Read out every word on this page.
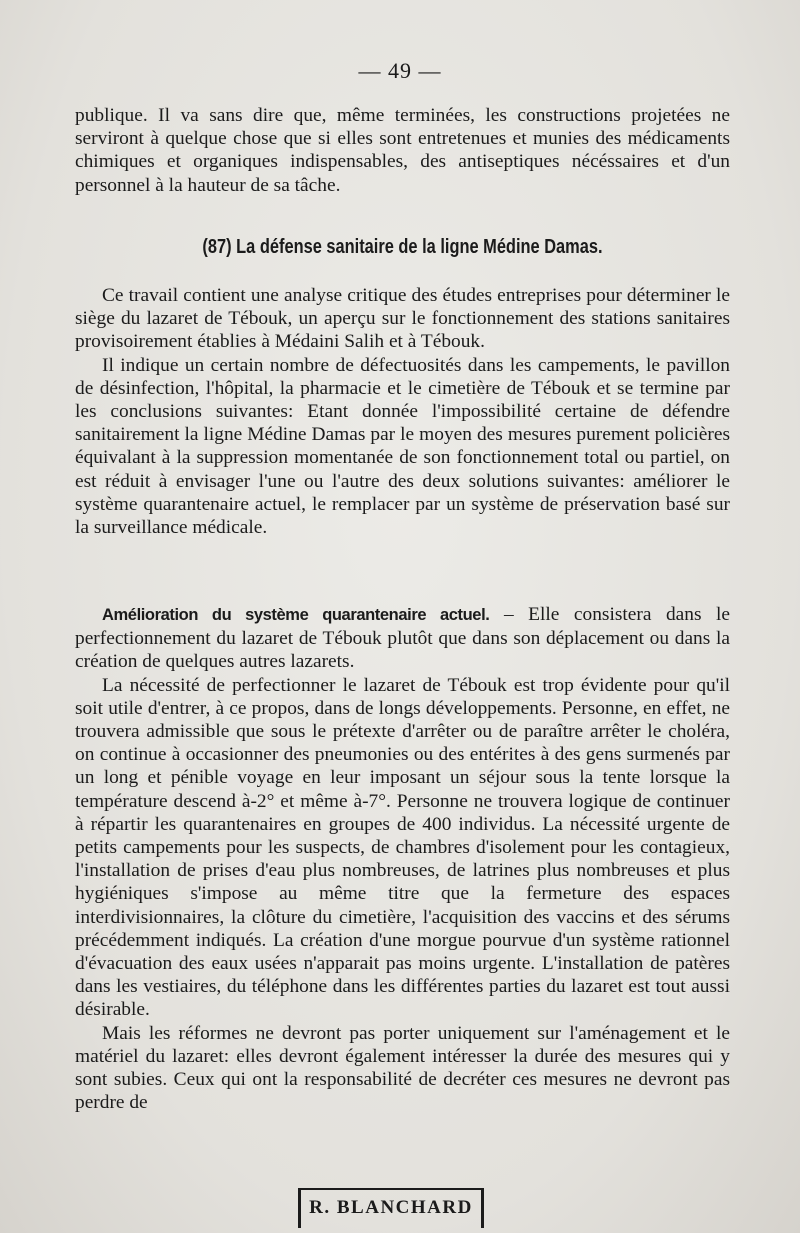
— 49 —

publique. Il va sans dire que, même terminées, les constructions projetées ne serviront à quelque chose que si elles sont entretenues et munies des médicaments chimiques et organiques indispensables, des antiseptiques nécéssaires et d'un personnel à la hauteur de sa tâche.

(87) La défense sanitaire de la ligne Médine Damas.

Ce travail contient une analyse critique des études entreprises pour déterminer le siège du lazaret de Tébouk, un aperçu sur le fonctionnement des stations sanitaires provisoirement établies à Médaini Salih et à Tébouk.

Il indique un certain nombre de défectuosités dans les campements, le pavillon de désinfection, l'hôpital, la pharmacie et le cimetière de Tébouk et se termine par les conclusions suivantes: Etant donnée l'impossibilité certaine de défendre sanitairement la ligne Médine Damas par le moyen des mesures purement policières équivalant à la suppression momentanée de son fonctionnement total ou partiel, on est réduit à envisager l'une ou l'autre des deux solutions suivantes: améliorer le système quarantenaire actuel, le remplacer par un système de préservation basé sur la surveillance médicale.

Amélioration du système quarantenaire actuel. – Elle consistera dans le perfectionnement du lazaret de Tébouk plutôt que dans son déplacement ou dans la création de quelques autres lazarets.

La nécessité de perfectionner le lazaret de Tébouk est trop évidente pour qu'il soit utile d'entrer, à ce propos, dans de longs développements. Personne, en effet, ne trouvera admissible que sous le prétexte d'arrêter ou de paraître arrêter le choléra, on continue à occasionner des pneumonies ou des entérites à des gens surmenés par un long et pénible voyage en leur imposant un séjour sous la tente lorsque la température descend à-2° et même à-7°. Personne ne trouvera logique de continuer à répartir les quarantenaires en groupes de 400 individus. La nécessité urgente de petits campements pour les suspects, de chambres d'isolement pour les contagieux, l'installation de prises d'eau plus nombreuses, de latrines plus nombreuses et plus hygiéniques s'impose au même titre que la fermeture des espaces interdivisionnaires, la clôture du cimetière, l'acquisition des vaccins et des sérums précédemment indiqués. La création d'une morgue pourvue d'un système rationnel d'évacuation des eaux usées n'apparait pas moins urgente. L'installation de patères dans les vestiaires, du téléphone dans les différentes parties du lazaret est tout aussi désirable.

Mais les réformes ne devront pas porter uniquement sur l'aménagement et le matériel du lazaret: elles devront également intéresser la durée des mesures qui y sont subies. Ceux qui ont la responsabilité de decréter ces mesures ne devront pas perdre de

R. BLANCHARD
